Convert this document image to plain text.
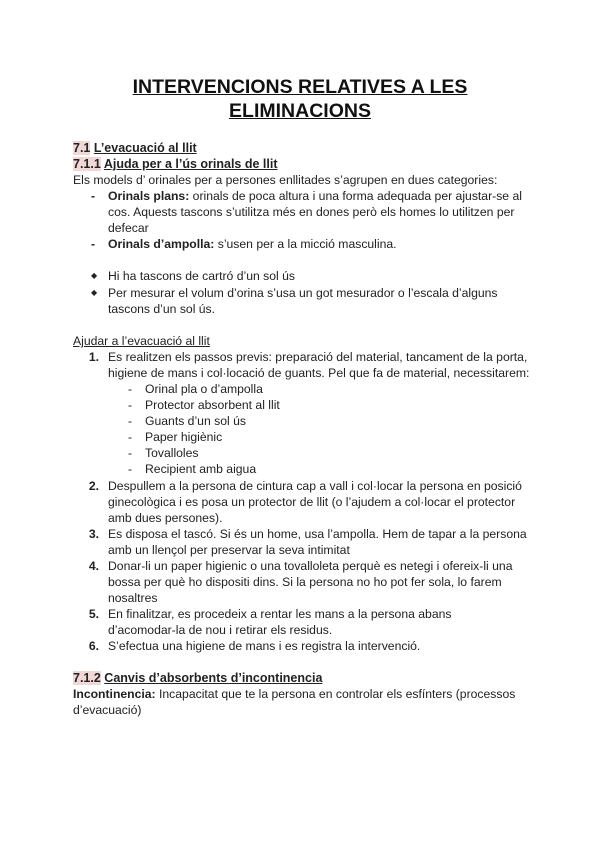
INTERVENCIONS RELATIVES A LES
ELIMINACIONS
7.1 L’evacuació al llit
7.1.1 Ajuda per a l’ús orinals de llit
Els models d’ orinales per a persones enllitades s’agrupen en dues categories:
- Orinals plans: orinals de poca altura i una forma adequada per ajustar-se al
cos. Aquests tascons s’utilitza més en dones però els homes lo utilitzen per
defecar
- Orinals d’ampolla: s’usen per a la micció masculina.
◆ Hi ha tascons de cartró d’un sol ús
◆ Per mesurar el volum d’orina s’usa un got mesurador o l’escala d’alguns
tascons d’un sol ús.
Ajudar a l’evacuació al llit
1. Es realitzen els passos previs: preparació del material, tancament de la porta,
higiene de mans i col·locació de guants. Pel que fa de material, necessitarem:
- Orinal pla o d’ampolla
- Protector absorbent al llit
- Guants d’un sol ús
- Paper higiènic
- Tovalloles
- Recipient amb aigua
2. Despullem a la persona de cintura cap a vall i col·locar la persona en posició
ginecològica i es posa un protector de llit (o l’ajudem a col·locar el protector
amb dues persones).
3. Es disposa el tascó. Si és un home, usa l’ampolla. Hem de tapar a la persona
amb un llençol per preservar la seva intimitat
4. Donar-li un paper higienic o una tovalloleta perquè es netegi i ofereix-li una
bossa per què ho dispositi dins. Si la persona no ho pot fer sola, lo farem
nosaltres
5. En finalitzar, es procedeix a rentar les mans a la persona abans
d’acomodar-la de nou i retirar els residus.
6. S’efectua una higiene de mans i es registra la intervenció.
7.1.2 Canvis d’absorbents d’incontinencia
Incontinencia: Incapacitat que te la persona en controlar els esfínters (processos
d’evacuació)
